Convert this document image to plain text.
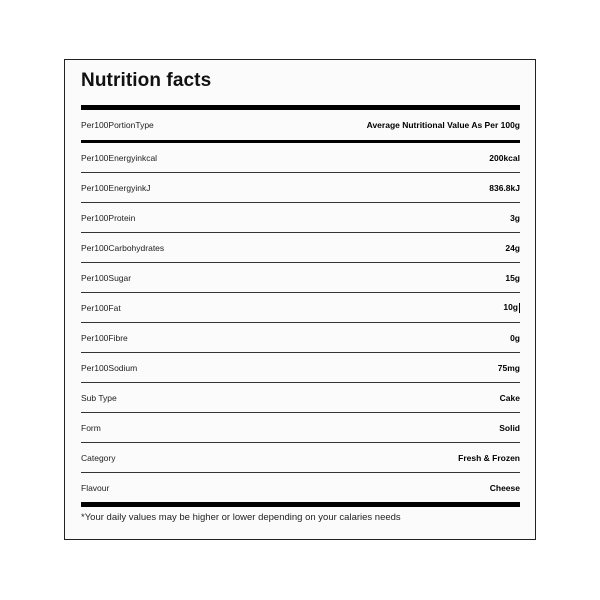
Nutrition facts
Per100PortionType	Average Nutritional Value As Per 100g
Per100Energyinkcal	200kcal
Per100EnergyinkJ	836.8kJ
Per100Protein	3g
Per100Carbohydrates	24g
Per100Sugar	15g
Per100Fat	10g
Per100Fibre	0g
Per100Sodium	75mg
Sub Type	Cake
Form	Solid
Category	Fresh & Frozen
Flavour	Cheese
*Your daily values may be higher or lower depending on your calaries needs
